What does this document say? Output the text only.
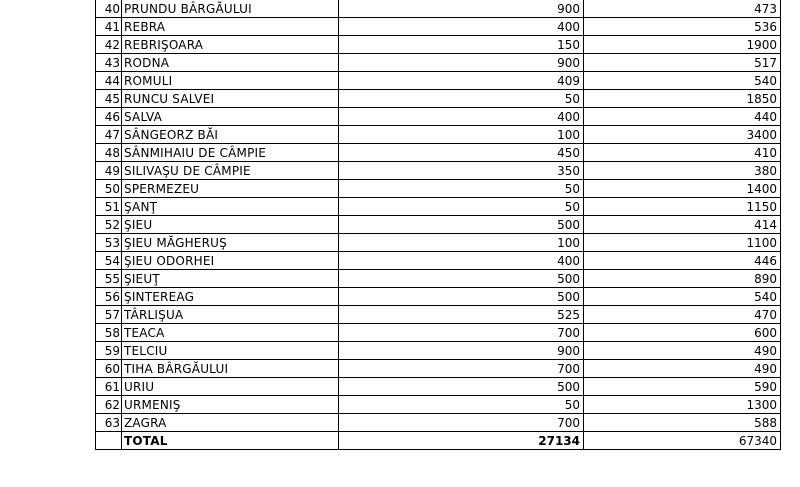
40	PRUNDU BÂRGĂULUI	900	473
41	REBRA	400	536
42	REBRIŞOARA	150	1900
43	RODNA	900	517
44	ROMULI	409	540
45	RUNCU SALVEI	50	1850
46	SALVA	400	440
47	SÂNGEORZ BĂI	100	3400
48	SÂNMIHAIU DE CÂMPIE	450	410
49	SILIVAŞU DE CÂMPIE	350	380
50	SPERMEZEU	50	1400
51	ŞANŢ	50	1150
52	ŞIEU	500	414
53	ŞIEU MĂGHERUŞ	100	1100
54	ŞIEU ODORHEI	400	446
55	ŞIEUŢ	500	890
56	ŞINTEREAG	500	540
57	TÂRLIŞUA	525	470
58	TEACA	700	600
59	TELCIU	900	490
60	TIHA BÂRGĂULUI	700	490
61	URIU	500	590
62	URMENIŞ	50	1300
63	ZAGRA	700	588
	TOTAL	27134	67340
